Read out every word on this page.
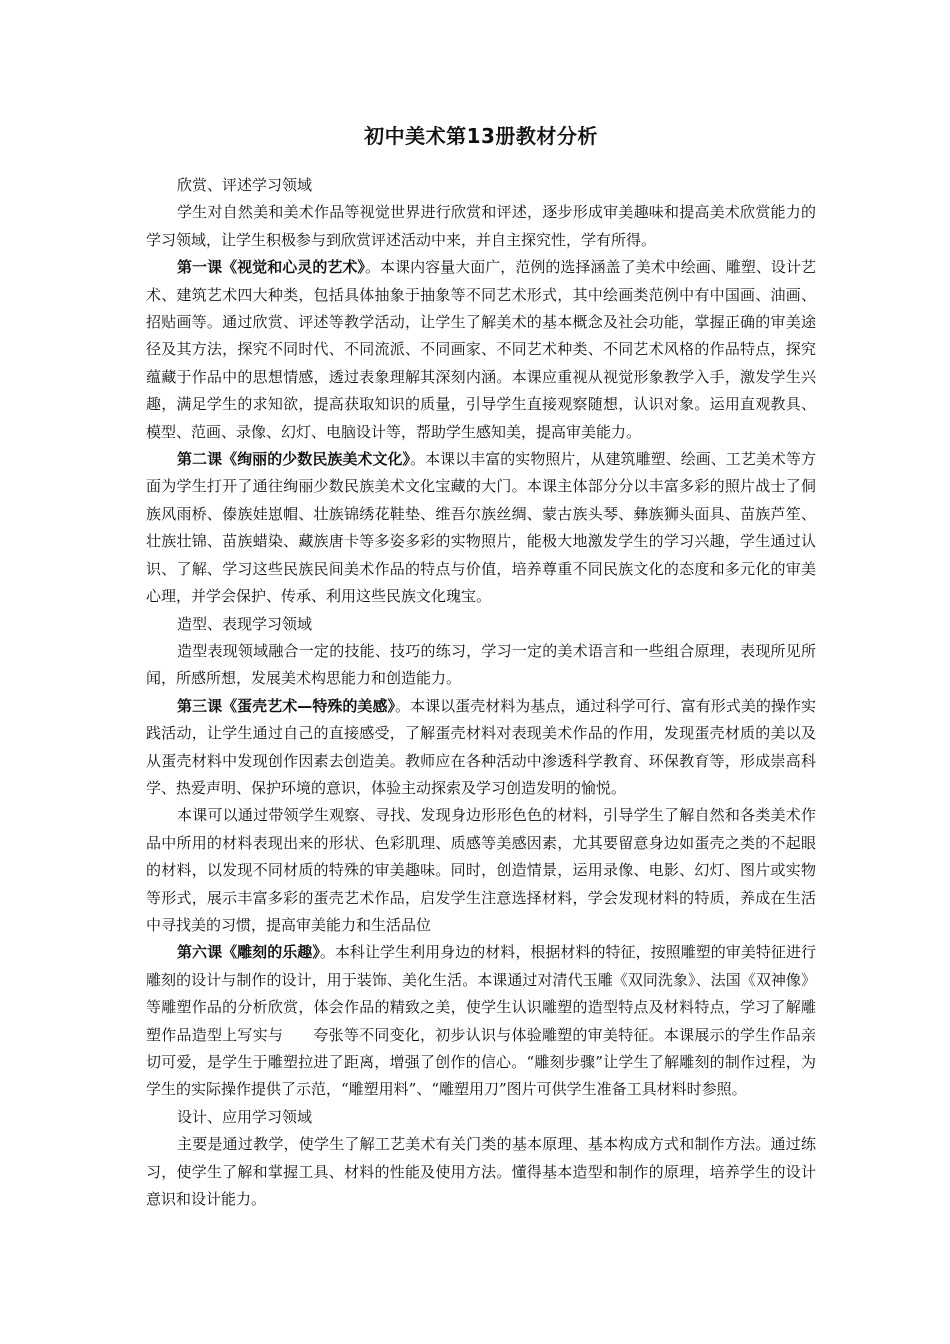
初中美术第13册教材分析

欣赏、评述学习领域

学生对自然美和美术作品等视觉世界进行欣赏和评述，逐步形成审美趣味和提高美术欣赏能力的学习领域，让学生积极参与到欣赏评述活动中来，并自主探究性，学有所得。

第一课《视觉和心灵的艺术》。本课内容量大面广，范例的选择涵盖了美术中绘画、雕塑、设计艺术、建筑艺术四大种类，包括具体抽象于抽象等不同艺术形式，其中绘画类范例中有中国画、油画、招贴画等。通过欣赏、评述等教学活动，让学生了解美术的基本概念及社会功能，掌握正确的审美途径及其方法，探究不同时代、不同流派、不同画家、不同艺术种类、不同艺术风格的作品特点，探究蕴藏于作品中的思想情感，透过表象理解其深刻内涵。本课应重视从视觉形象教学入手，激发学生兴趣，满足学生的求知欲，提高获取知识的质量，引导学生直接观察随想，认识对象。运用直观教具、模型、范画、录像、幻灯、电脑设计等，帮助学生感知美，提高审美能力。

第二课《绚丽的少数民族美术文化》。本课以丰富的实物照片，从建筑雕塑、绘画、工艺美术等方面为学生打开了通往绚丽少数民族美术文化宝藏的大门。本课主体部分分以丰富多彩的照片战士了侗族风雨桥、傣族娃崽帽、壮族锦绣花鞋垫、维吾尔族丝绸、蒙古族头琴、彝族狮头面具、苗族芦笙、壮族壮锦、苗族蜡染、藏族唐卡等多姿多彩的实物照片，能极大地激发学生的学习兴趣，学生通过认识、了解、学习这些民族民间美术作品的特点与价值，培养尊重不同民族文化的态度和多元化的审美心理，并学会保护、传承、利用这些民族文化瑰宝。

造型、表现学习领域

造型表现领域融合一定的技能、技巧的练习，学习一定的美术语言和一些组合原理，表现所见所闻，所感所想，发展美术构思能力和创造能力。

第三课《蛋壳艺术—特殊的美感》。本课以蛋壳材料为基点，通过科学可行、富有形式美的操作实践活动，让学生通过自己的直接感受，了解蛋壳材料对表现美术作品的作用，发现蛋壳材质的美以及从蛋壳材料中发现创作因素去创造美。教师应在各种活动中渗透科学教育、环保教育等，形成崇高科学、热爱声明、保护环境的意识，体验主动探索及学习创造发明的愉悦。

本课可以通过带领学生观察、寻找、发现身边形形色色的材料，引导学生了解自然和各类美术作品中所用的材料表现出来的形状、色彩肌理、质感等美感因素，尤其要留意身边如蛋壳之类的不起眼的材料，以发现不同材质的特殊的审美趣味。同时，创造情景，运用录像、电影、幻灯、图片或实物等形式，展示丰富多彩的蛋壳艺术作品，启发学生注意选择材料，学会发现材料的特质，养成在生活中寻找美的习惯，提高审美能力和生活品位

第六课《雕刻的乐趣》。本科让学生利用身边的材料，根据材料的特征，按照雕塑的审美特征进行雕刻的设计与制作的设计，用于装饰、美化生活。本课通过对清代玉雕《双同洗象》、法国《双神像》等雕塑作品的分析欣赏，体会作品的精致之美，使学生认识雕塑的造型特点及材料特点，学习了解雕塑作品造型上写实与 夸张等不同变化，初步认识与体验雕塑的审美特征。本课展示的学生作品亲切可爱，是学生于雕塑拉进了距离，增强了创作的信心。“雕刻步骤”让学生了解雕刻的制作过程，为学生的实际操作提供了示范，“雕塑用料”、“雕塑用刀”图片可供学生准备工具材料时参照。

设计、应用学习领域

主要是通过教学，使学生了解工艺美术有关门类的基本原理、基本构成方式和制作方法。通过练习，使学生了解和掌握工具、材料的性能及使用方法。懂得基本造型和制作的原理，培养学生的设计意识和设计能力。
